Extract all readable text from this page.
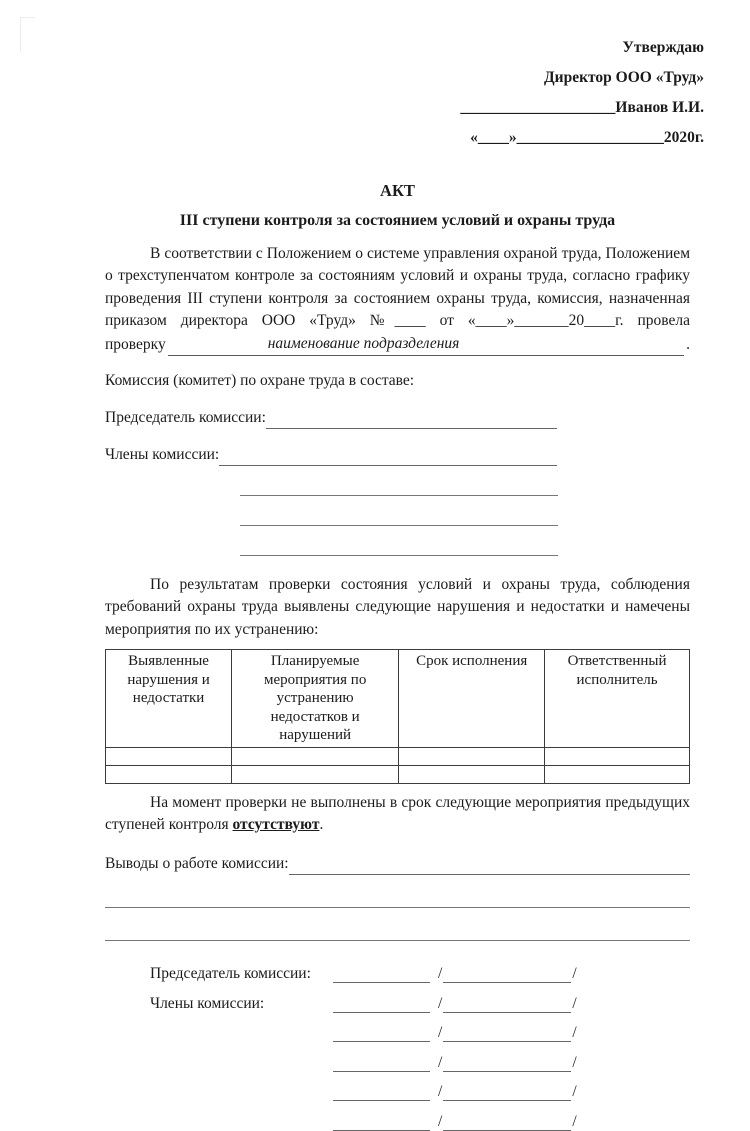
Утверждаю
Директор ООО «Труд»
____________________Иванов И.И.
«____»___________________2020г.
АКТ
III ступени контроля за состоянием условий и охраны труда

В соответствии с Положением о системе управления охраной труда, Положением о трехступенчатом контроле за состояниям условий и охраны труда, согласно графику проведения III ступени контроля за состоянием охраны труда, комиссия, назначенная приказом директора ООО «Труд» №____ от «____»_______20____г. провела

проверку	наименование подразделения	.

Комиссия (комитет) по охране труда в составе:

Председатель комиссии:
Члены комиссии:

По результатам проверки состояния условий и охраны труда, соблюдения требований охраны труда выявлены следующие нарушения и недостатки и намечены мероприятия по их устранению:

Выявленные нарушения и недостатки	Планируемые мероприятия по устранению недостатков и нарушений	Срок исполнения	Ответственный исполнитель

На момент проверки не выполнены в срок следующие мероприятия предыдущих ступеней контроля отсутствуют.

Выводы о работе комиссии:
Председатель комиссии:	/	/
Члены комиссии:	/	/
/	/
/	/
/	/
/	/
